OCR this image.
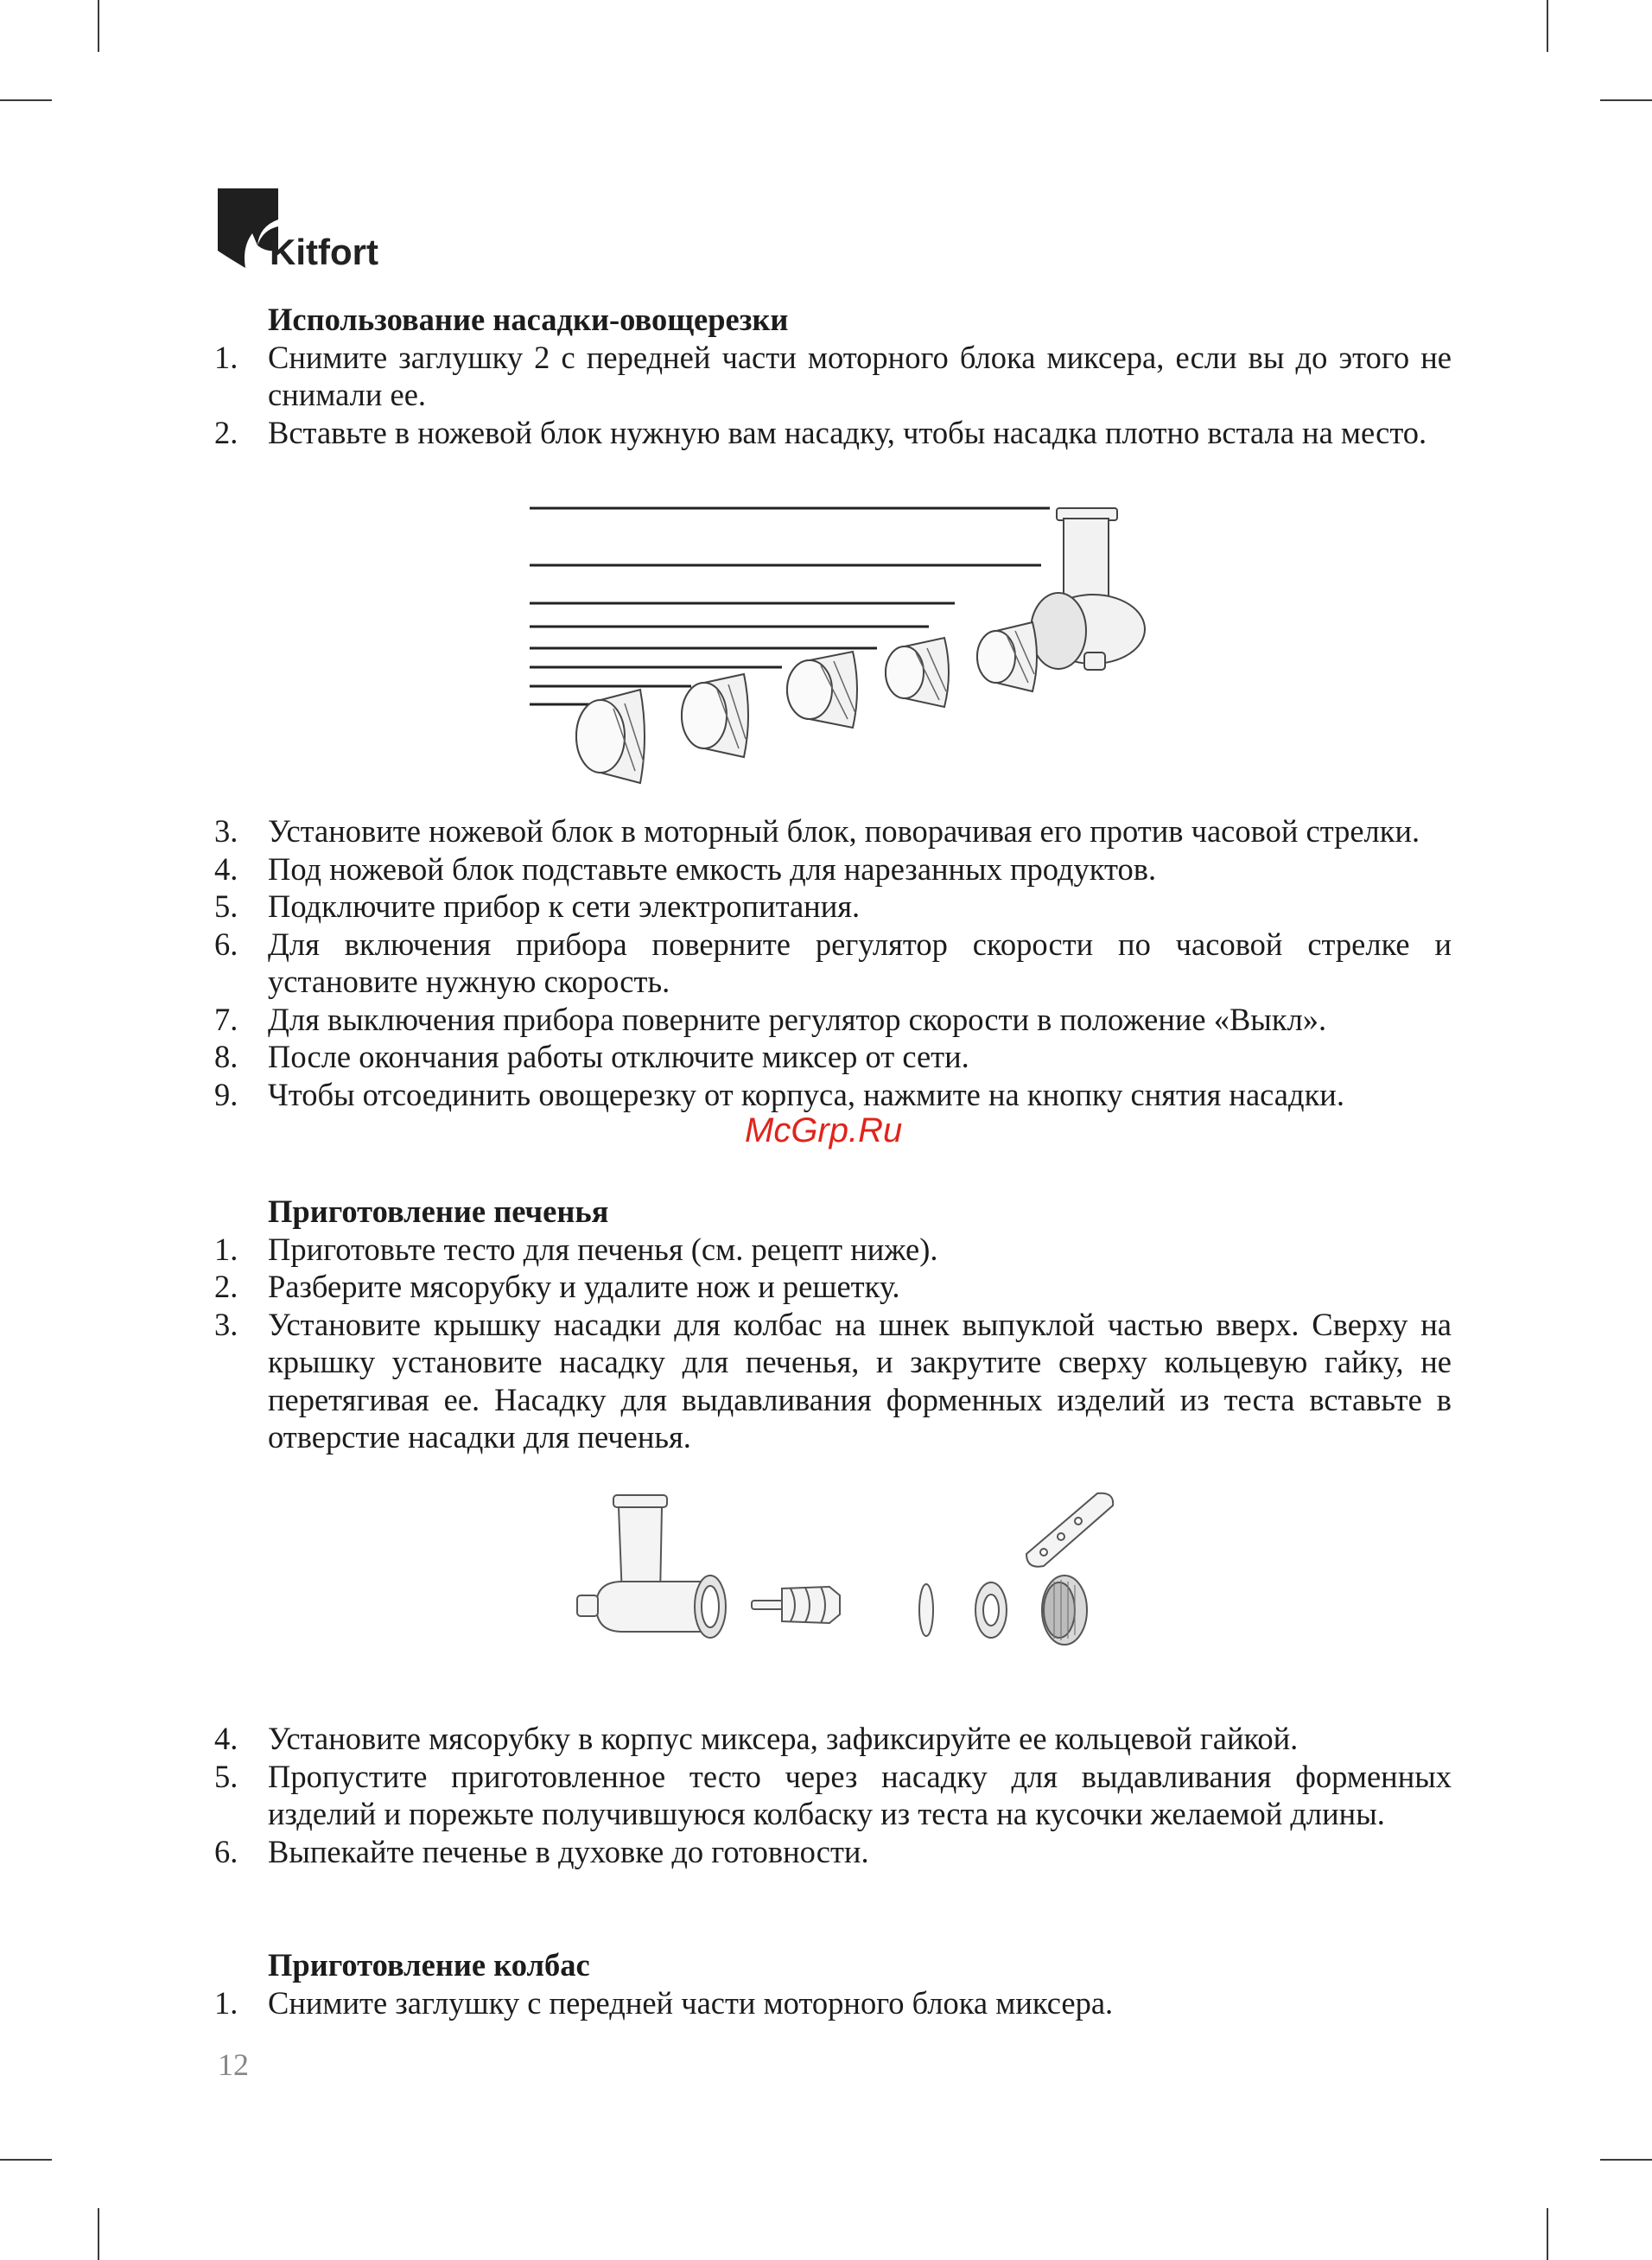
Kitfort

Использование насадки-овощерезки

1. Снимите заглушку 2 с передней части моторного блока миксера, если вы до этого не снимали ее.
2. Вставьте в ножевой блок нужную вам насадку, чтобы насадка плотно встала на место.
3. Установите ножевой блок в моторный блок, поворачивая его против часовой стрелки.
4. Под ножевой блок подставьте емкость для нарезанных продуктов.
5. Подключите прибор к сети электропитания.
6. Для включения прибора поверните регулятор скорости по часовой стрелке и установите нужную скорость.
7. Для выключения прибора поверните регулятор скорости в положение «Выкл».
8. После окончания работы отключите миксер от сети.
9. Чтобы отсоединить овощерезку от корпуса, нажмите на кнопку снятия насадки.
McGrp.Ru

Приготовление печенья

1. Приготовьте тесто для печенья (см. рецепт ниже).
2. Разберите мясорубку и удалите нож и решетку.
3. Установите крышку насадки для колбас на шнек выпуклой частью вверх. Сверху на крышку установите насадку для печенья, и закрутите сверху кольцевую гайку, не перетягивая ее. Насадку для выдавливания форменных изделий из теста вставьте в отверстие насадки для печенья.
4. Установите мясорубку в корпус миксера, зафиксируйте ее кольцевой гайкой.
5. Пропустите приготовленное тесто через насадку для выдавливания форменных изделий и порежьте получившуюся колбаску из теста на кусочки желаемой длины.
6. Выпекайте печенье в духовке до готовности.

Приготовление колбас

1. Снимите заглушку с передней части моторного блока миксера.
12
